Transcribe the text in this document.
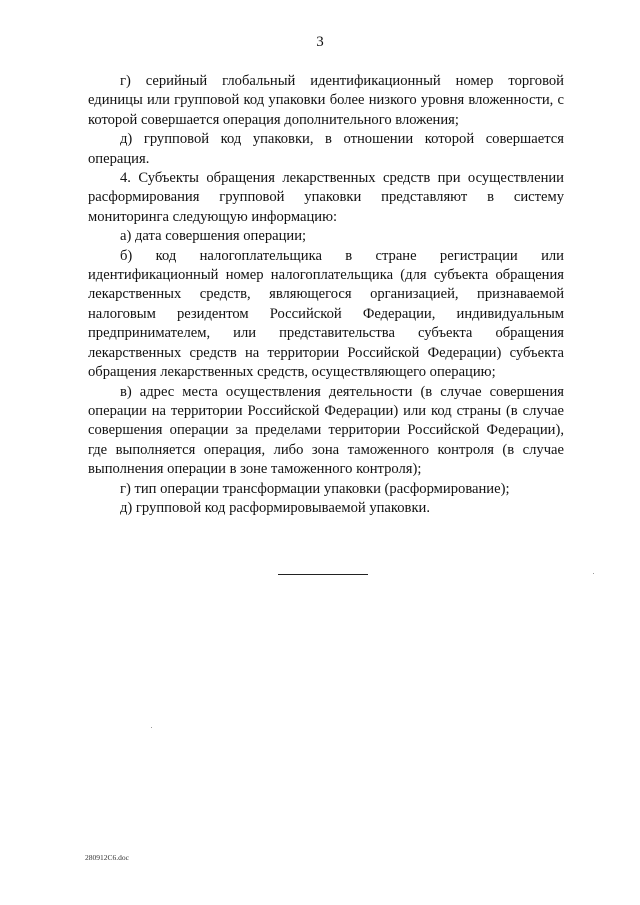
3

г) серийный глобальный идентификационный номер торговой единицы или групповой код упаковки более низкого уровня вложенности, с которой совершается операция дополнительного вложения;

д) групповой код упаковки, в отношении которой совершается операция.

4. Субъекты обращения лекарственных средств при осуществлении расформирования групповой упаковки представляют в систему мониторинга следующую информацию:

а) дата совершения операции;

б) код налогоплательщика в стране регистрации или идентификационный номер налогоплательщика (для субъекта обращения лекарственных средств, являющегося организацией, признаваемой налоговым резидентом Российской Федерации, индивидуальным предпринимателем, или представительства субъекта обращения лекарственных средств на территории Российской Федерации) субъекта обращения лекарственных средств, осуществляющего операцию;

в) адрес места осуществления деятельности (в случае совершения операции на территории Российской Федерации) или код страны (в случае совершения операции за пределами территории Российской Федерации), где выполняется операция, либо зона таможенного контроля (в случае выполнения операции в зоне таможенного контроля);

г) тип операции трансформации упаковки (расформирование);

д) групповой код расформировываемой упаковки.

280912С6.doc
